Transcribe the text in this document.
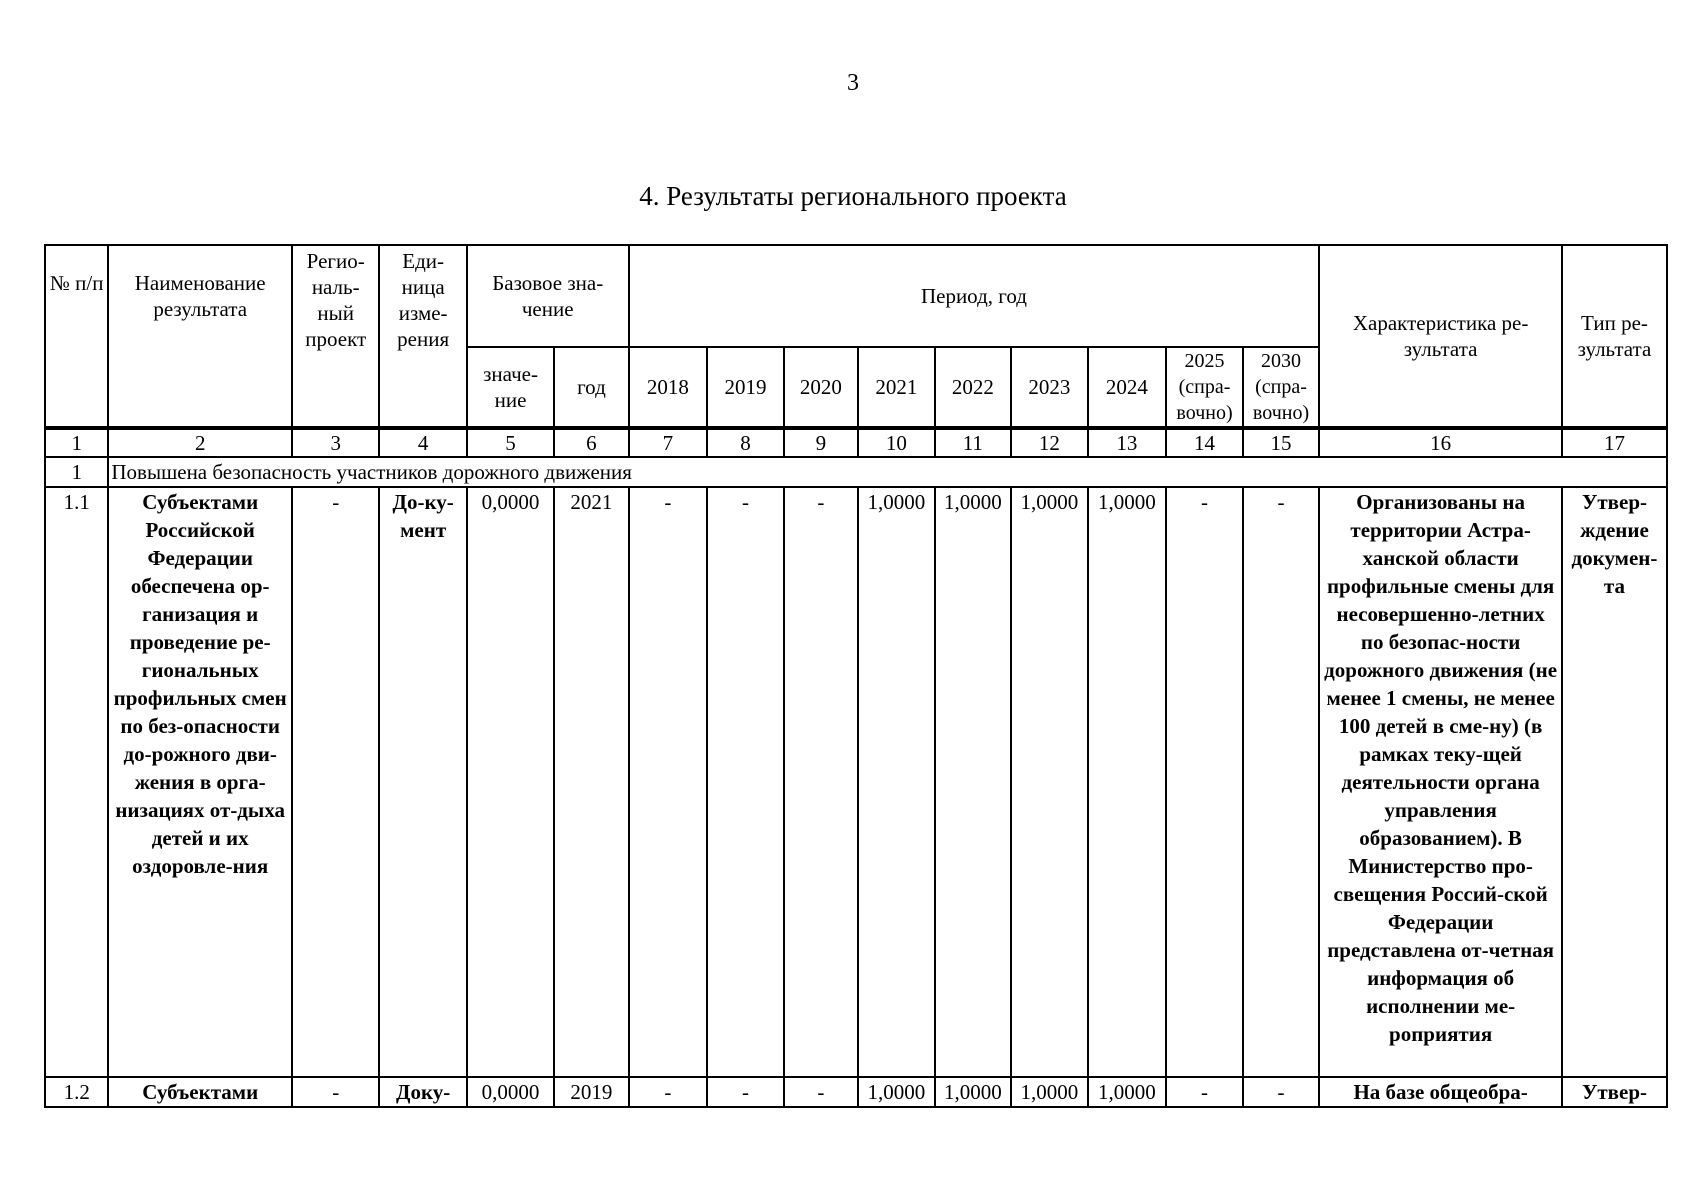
3
4. Результаты регионального проекта
№ п/п	Наименование результата	Регио-наль-ный проект	Еди-ница изме-рения	Базовое зна-чение		Период, год									Характеристика ре-зультата	Тип ре-зультата
				значе-ние	год	2018	2019	2020	2021	2022	2023	2024	2025 (спра-вочно)	2030 (спра-вочно)		
1	2	3	4	5	6	7	8	9	10	11	12	13	14	15	16	17
1	Повышена безопасность участников дорожного движения															
1.1	Субъектами Российской Федерации обеспечена ор-ганизация и проведение ре-гиональных профильных смен по без-опасности до-рожного дви-жения в орга-низациях от-дыха детей и их оздоровле-ния	-	До-ку-мент	0,0000	2021	-	-	-	1,0000	1,0000	1,0000	1,0000	-	-	Организованы на территории Астра-ханской области профильные смены для несовершенно-летних по безопас-ности дорожного движения (не менее 1 смены, не менее 100 детей в сме-ну) (в рамках теку-щей деятельности органа управления образованием). В Министерство про-свещения Россий-ской Федерации представлена от-четная информация об исполнении ме-роприятия	Утвер-ждение докумен-та
1.2	Субъектами	-	Доку-	0,0000	2019	-	-	-	1,0000	1,0000	1,0000	1,0000	-	-	На базе общеобра-	Утвер-
